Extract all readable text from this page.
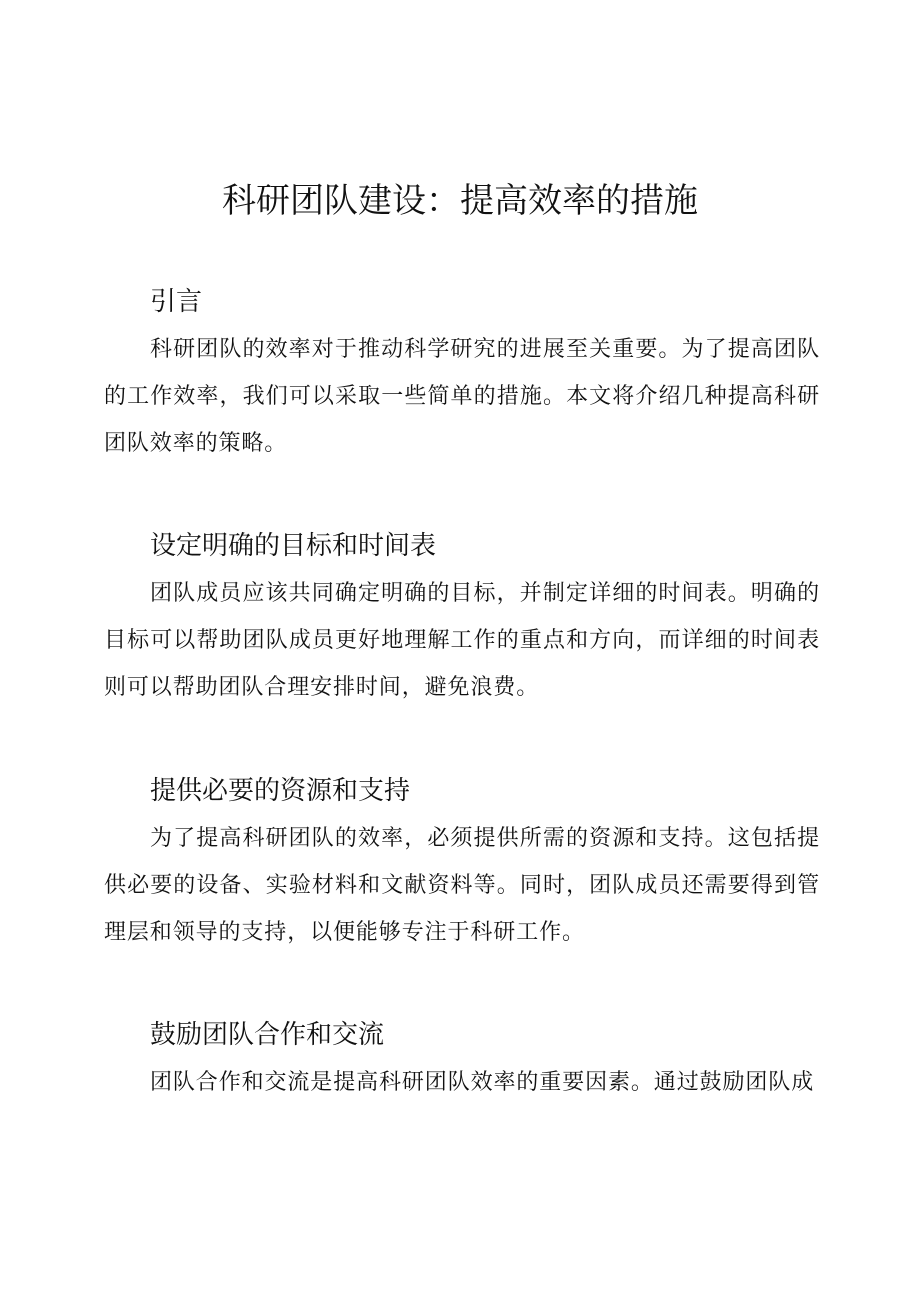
科研团队建设：提高效率的措施
引言

科研团队的效率对于推动科学研究的进展至关重要。为了提高团队的工作效率，我们可以采取一些简单的措施。本文将介绍几种提高科研团队效率的策略。

设定明确的目标和时间表

团队成员应该共同确定明确的目标，并制定详细的时间表。明确的目标可以帮助团队成员更好地理解工作的重点和方向，而详细的时间表则可以帮助团队合理安排时间，避免浪费。

提供必要的资源和支持

为了提高科研团队的效率，必须提供所需的资源和支持。这包括提供必要的设备、实验材料和文献资料等。同时，团队成员还需要得到管理层和领导的支持，以便能够专注于科研工作。

鼓励团队合作和交流

团队合作和交流是提高科研团队效率的重要因素。通过鼓励团队成
